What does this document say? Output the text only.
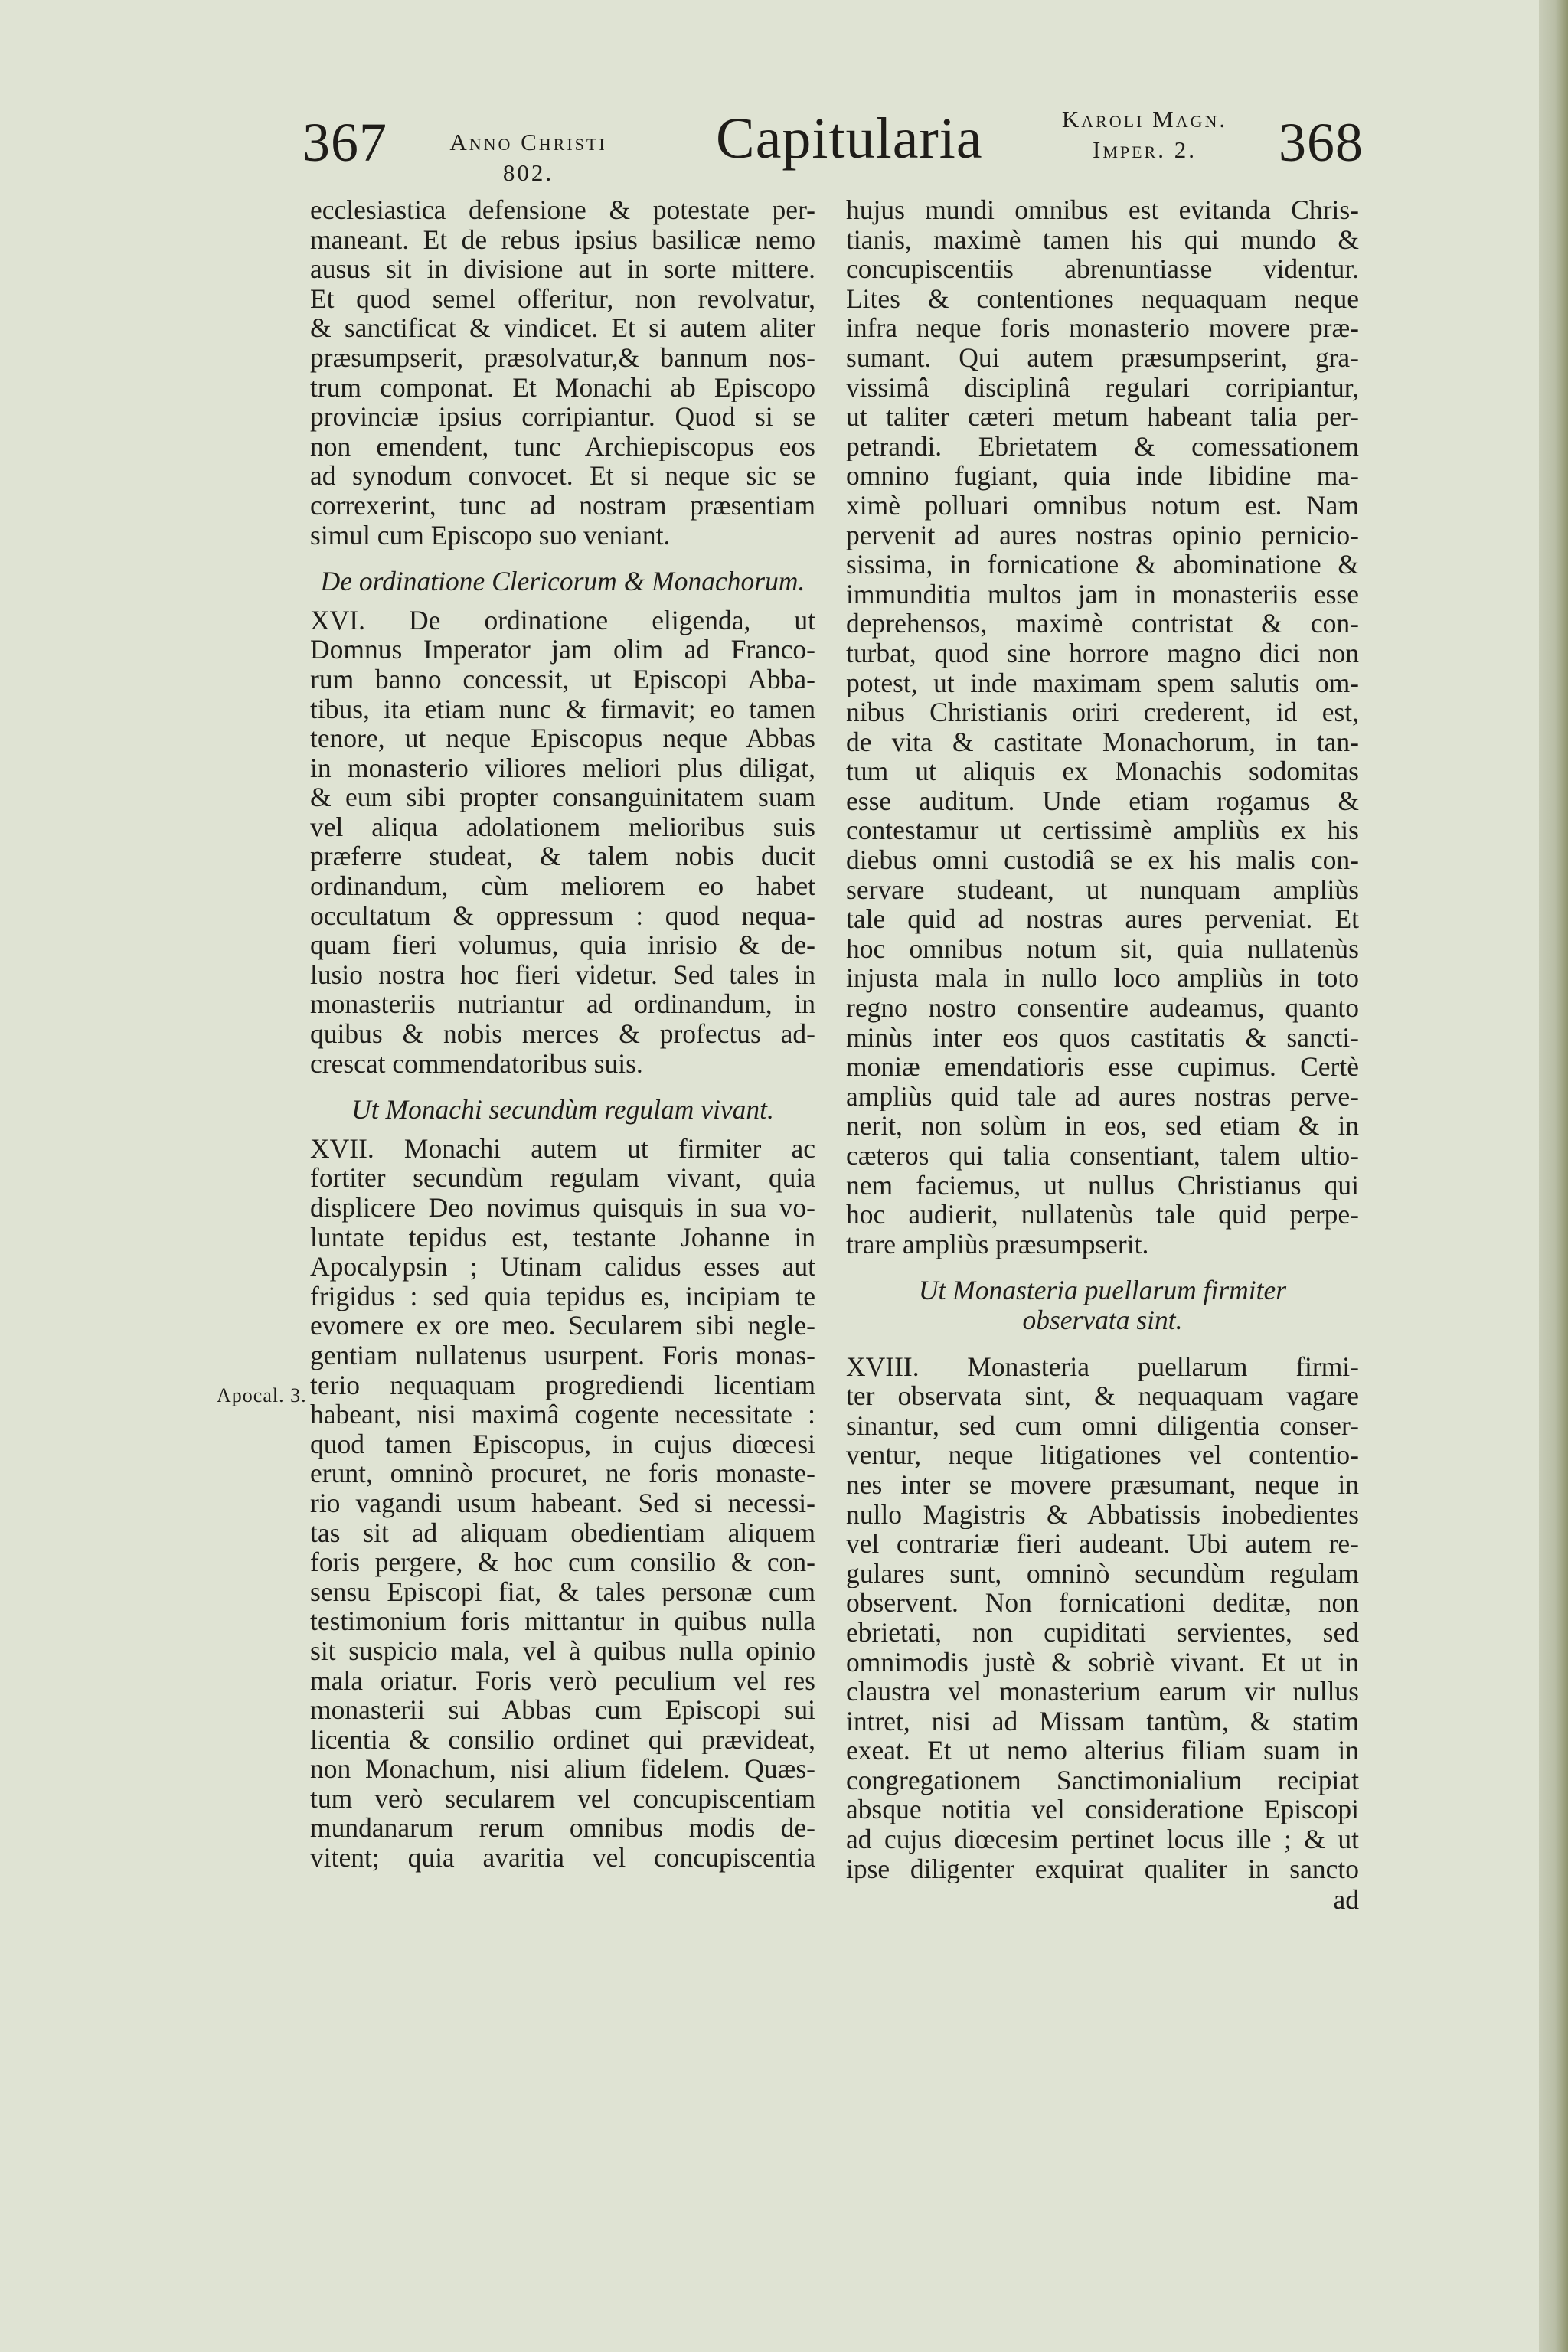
367	Anno Christi
802.
Capitularia	Karoli Magn.
Imper. 2.	368
Apocal. 3.
ecclesiastica defensione & potestate per-
maneant. Et de rebus ipsius basilicæ nemo
ausus sit in divisione aut in sorte mittere.
Et quod semel offeritur, non revolvatur,
& sanctificat & vindicet. Et si autem aliter
præsumpserit, præsolvatur,& bannum nos-
trum componat. Et Monachi ab Episcopo
provinciæ ipsius corripiantur. Quod si se
non emendent, tunc Archiepiscopus eos
ad synodum convocet. Et si neque sic se
correxerint, tunc ad nostram præsentiam
simul cum Episcopo suo veniant.
De ordinatione Clericorum & Monachorum.
XVI. De ordinatione eligenda, ut
Domnus Imperator jam olim ad Franco-
rum banno concessit, ut Episcopi Abba-
tibus, ita etiam nunc & firmavit; eo tamen
tenore, ut neque Episcopus neque Abbas
in monasterio viliores meliori plus diligat,
& eum sibi propter consanguinitatem suam
vel aliqua adolationem melioribus suis
præferre studeat, & talem nobis ducit
ordinandum, cùm meliorem eo habet
occultatum & oppressum : quod nequa-
quam fieri volumus, quia inrisio & de-
lusio nostra hoc fieri videtur. Sed tales in
monasteriis nutriantur ad ordinandum, in
quibus & nobis merces & profectus ad-
crescat commendatoribus suis.
Ut Monachi secundùm regulam vivant.
XVII. Monachi autem ut firmiter ac
fortiter secundùm regulam vivant, quia
displicere Deo novimus quisquis in sua vo-
luntate tepidus est, testante Johanne in
Apocalypsin ; Utinam calidus esses aut
frigidus : sed quia tepidus es, incipiam te
evomere ex ore meo. Secularem sibi negle-
gentiam nullatenus usurpent. Foris monas-
terio nequaquam progrediendi licentiam
habeant, nisi maximâ cogente necessitate :
quod tamen Episcopus, in cujus diœcesi
erunt, omninò procuret, ne foris monaste-
rio vagandi usum habeant. Sed si necessi-
tas sit ad aliquam obedientiam aliquem
foris pergere, & hoc cum consilio & con-
sensu Episcopi fiat, & tales personæ cum
testimonium foris mittantur in quibus nulla
sit suspicio mala, vel à quibus nulla opinio
mala oriatur. Foris verò peculium vel res
monasterii sui Abbas cum Episcopi sui
licentia & consilio ordinet qui prævideat,
non Monachum, nisi alium fidelem. Quæs-
tum verò secularem vel concupiscentiam
mundanarum rerum omnibus modis de-
vitent; quia avaritia vel concupiscentia
hujus mundi omnibus est evitanda Chris-
tianis, maximè tamen his qui mundo &
concupiscentiis abrenuntiasse videntur.
Lites & contentiones nequaquam neque
infra neque foris monasterio movere præ-
sumant. Qui autem præsumpserint, gra-
vissimâ disciplinâ regulari corripiantur,
ut taliter cæteri metum habeant talia per-
petrandi. Ebrietatem & comessationem
omnino fugiant, quia inde libidine ma-
ximè polluari omnibus notum est. Nam
pervenit ad aures nostras opinio pernicio-
sissima, in fornicatione & abominatione &
immunditia multos jam in monasteriis esse
deprehensos, maximè contristat & con-
turbat, quod sine horrore magno dici non
potest, ut inde maximam spem salutis om-
nibus Christianis oriri crederent, id est,
de vita & castitate Monachorum, in tan-
tum ut aliquis ex Monachis sodomitas
esse auditum. Unde etiam rogamus &
contestamur ut certissimè ampliùs ex his
diebus omni custodiâ se ex his malis con-
servare studeant, ut nunquam ampliùs
tale quid ad nostras aures perveniat. Et
hoc omnibus notum sit, quia nullatenùs
injusta mala in nullo loco ampliùs in toto
regno nostro consentire audeamus, quanto
minùs inter eos quos castitatis & sancti-
moniæ emendatioris esse cupimus. Certè
ampliùs quid tale ad aures nostras perve-
nerit, non solùm in eos, sed etiam & in
cæteros qui talia consentiant, talem ultio-
nem faciemus, ut nullus Christianus qui
hoc audierit, nullatenùs tale quid perpe-
trare ampliùs præsumpserit.
Ut Monasteria puellarum firmiter
observata sint.
XVIII. Monasteria puellarum firmi-
ter observata sint, & nequaquam vagare
sinantur, sed cum omni diligentia conser-
ventur, neque litigationes vel contentio-
nes inter se movere præsumant, neque in
nullo Magistris & Abbatissis inobedientes
vel contrariæ fieri audeant. Ubi autem re-
gulares sunt, omninò secundùm regulam
observent. Non fornicationi deditæ, non
ebrietati, non cupiditati servientes, sed
omnimodis justè & sobriè vivant. Et ut in
claustra vel monasterium earum vir nullus
intret, nisi ad Missam tantùm, & statim
exeat. Et ut nemo alterius filiam suam in
congregationem Sanctimonialium recipiat
absque notitia vel consideratione Episcopi
ad cujus diœcesim pertinet locus ille ; & ut
ipse diligenter exquirat qualiter in sancto
ad
